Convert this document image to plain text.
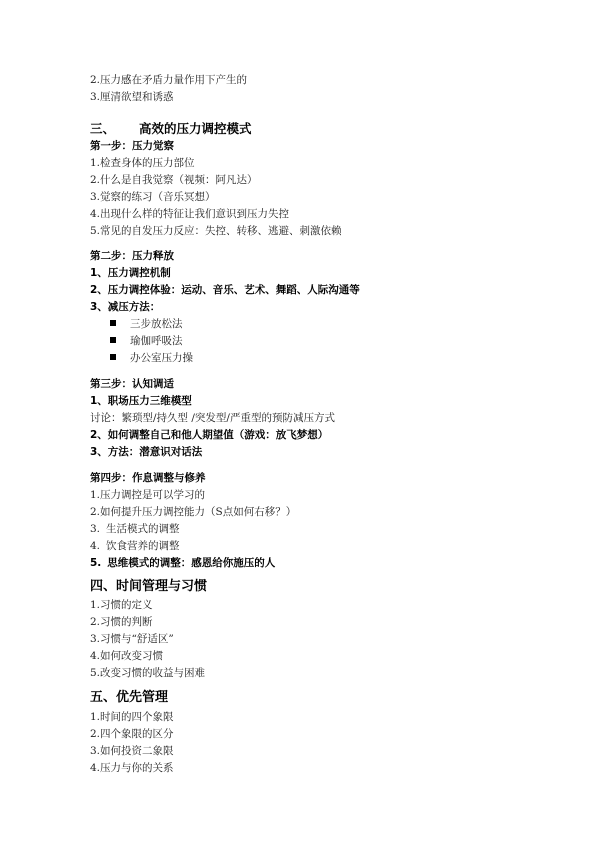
2.压力感在矛盾力量作用下产生的
3.厘清欲望和诱惑
三、 高效的压力调控模式
第一步：压力觉察
1.检查身体的压力部位
2.什么是自我觉察（视频：阿凡达）
3.觉察的练习（音乐冥想）
4.出现什么样的特征让我们意识到压力失控
5.常见的自发压力反应：失控、转移、逃避、刺激依赖
第二步：压力释放
1、压力调控机制
2、压力调控体验：运动、音乐、艺术、舞蹈、人际沟通等
3、减压方法：
三步放松法
瑜伽呼吸法
办公室压力操
第三步：认知调适
1、职场压力三维模型
讨论：繁琐型/持久型 /突发型/严重型的预防减压方式
2、如何调整自己和他人期望值（游戏：放飞梦想）
3、方法：潜意识对话法
第四步：作息调整与修养
1.压力调控是可以学习的
2.如何提升压力调控能力（S点如何右移？）
3. 生活模式的调整
4. 饮食营养的调整
5. 思维模式的调整：感恩给你施压的人
四、时间管理与习惯
1.习惯的定义
2.习惯的判断
3.习惯与“舒适区”
4.如何改变习惯
5.改变习惯的收益与困难
五、优先管理
1.时间的四个象限
2.四个象限的区分
3.如何投资二象限
4.压力与你的关系
